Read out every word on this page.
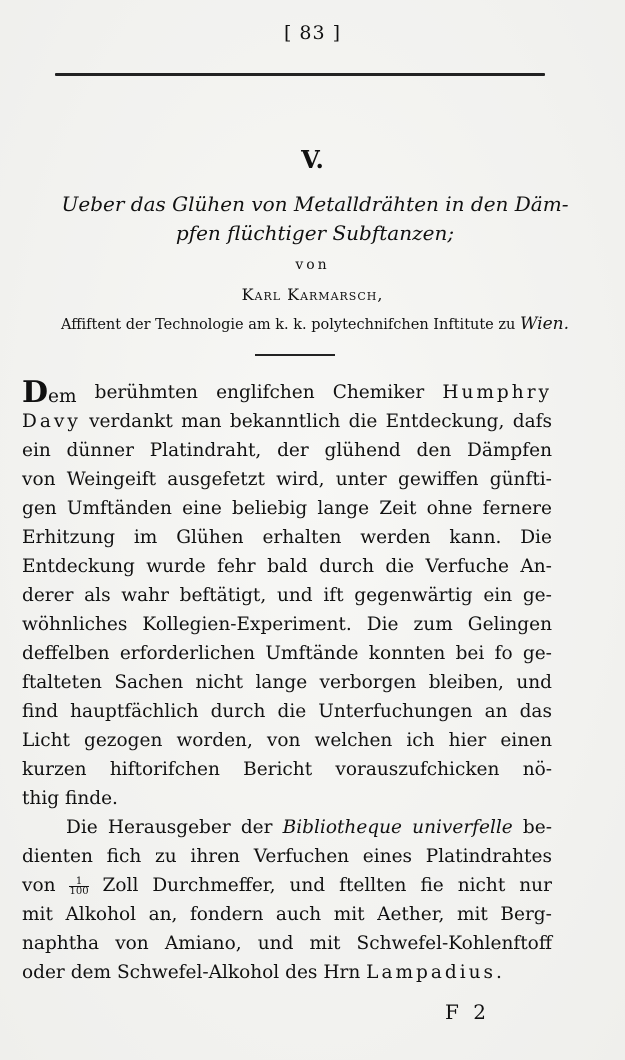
[ 83 ]
V.
Ueber das Glühen von Metalldrähten in den Däm-
pfen flüchtiger Subftanzen;
von
Karl Karmarsch,
Affiftent der Technologie am k. k. polytechnifchen Inftitute zu Wien.
Dem berühmten englifchen Chemiker Humphry
Davy verdankt man bekanntlich die Entdeckung, dafs
ein dünner Platindraht, der glühend den Dämpfen
von Weingeift ausgefetzt wird, unter gewiffen günfti-
gen Umftänden eine beliebig lange Zeit ohne fernere
Erhitzung im Glühen erhalten werden kann. Die
Entdeckung wurde fehr bald durch die Verfuche An-
derer als wahr beftätigt, und ift gegenwärtig ein ge-
wöhnliches Kollegien-Experiment. Die zum Gelingen
deffelben erforderlichen Umftände konnten bei fo ge-
ftalteten Sachen nicht lange verborgen bleiben, und
find hauptfächlich durch die Unterfuchungen an das
Licht gezogen worden, von welchen ich hier einen
kurzen hiftorifchen Bericht vorauszufchicken nö-
thig finde.
Die Herausgeber der Bibliotheque univerfelle be-
dienten fich zu ihren Verfuchen eines Platindrahtes
von $\frac{1}{100}$ Zoll Durchmeffer, und ftellten fie nicht nur
mit Alkohol an, fondern auch mit Aether, mit Berg-
naphtha von Amiano, und mit Schwefel-Kohlenftoff
oder dem Schwefel-Alkohol des Hrn Lampadius.
F 2
